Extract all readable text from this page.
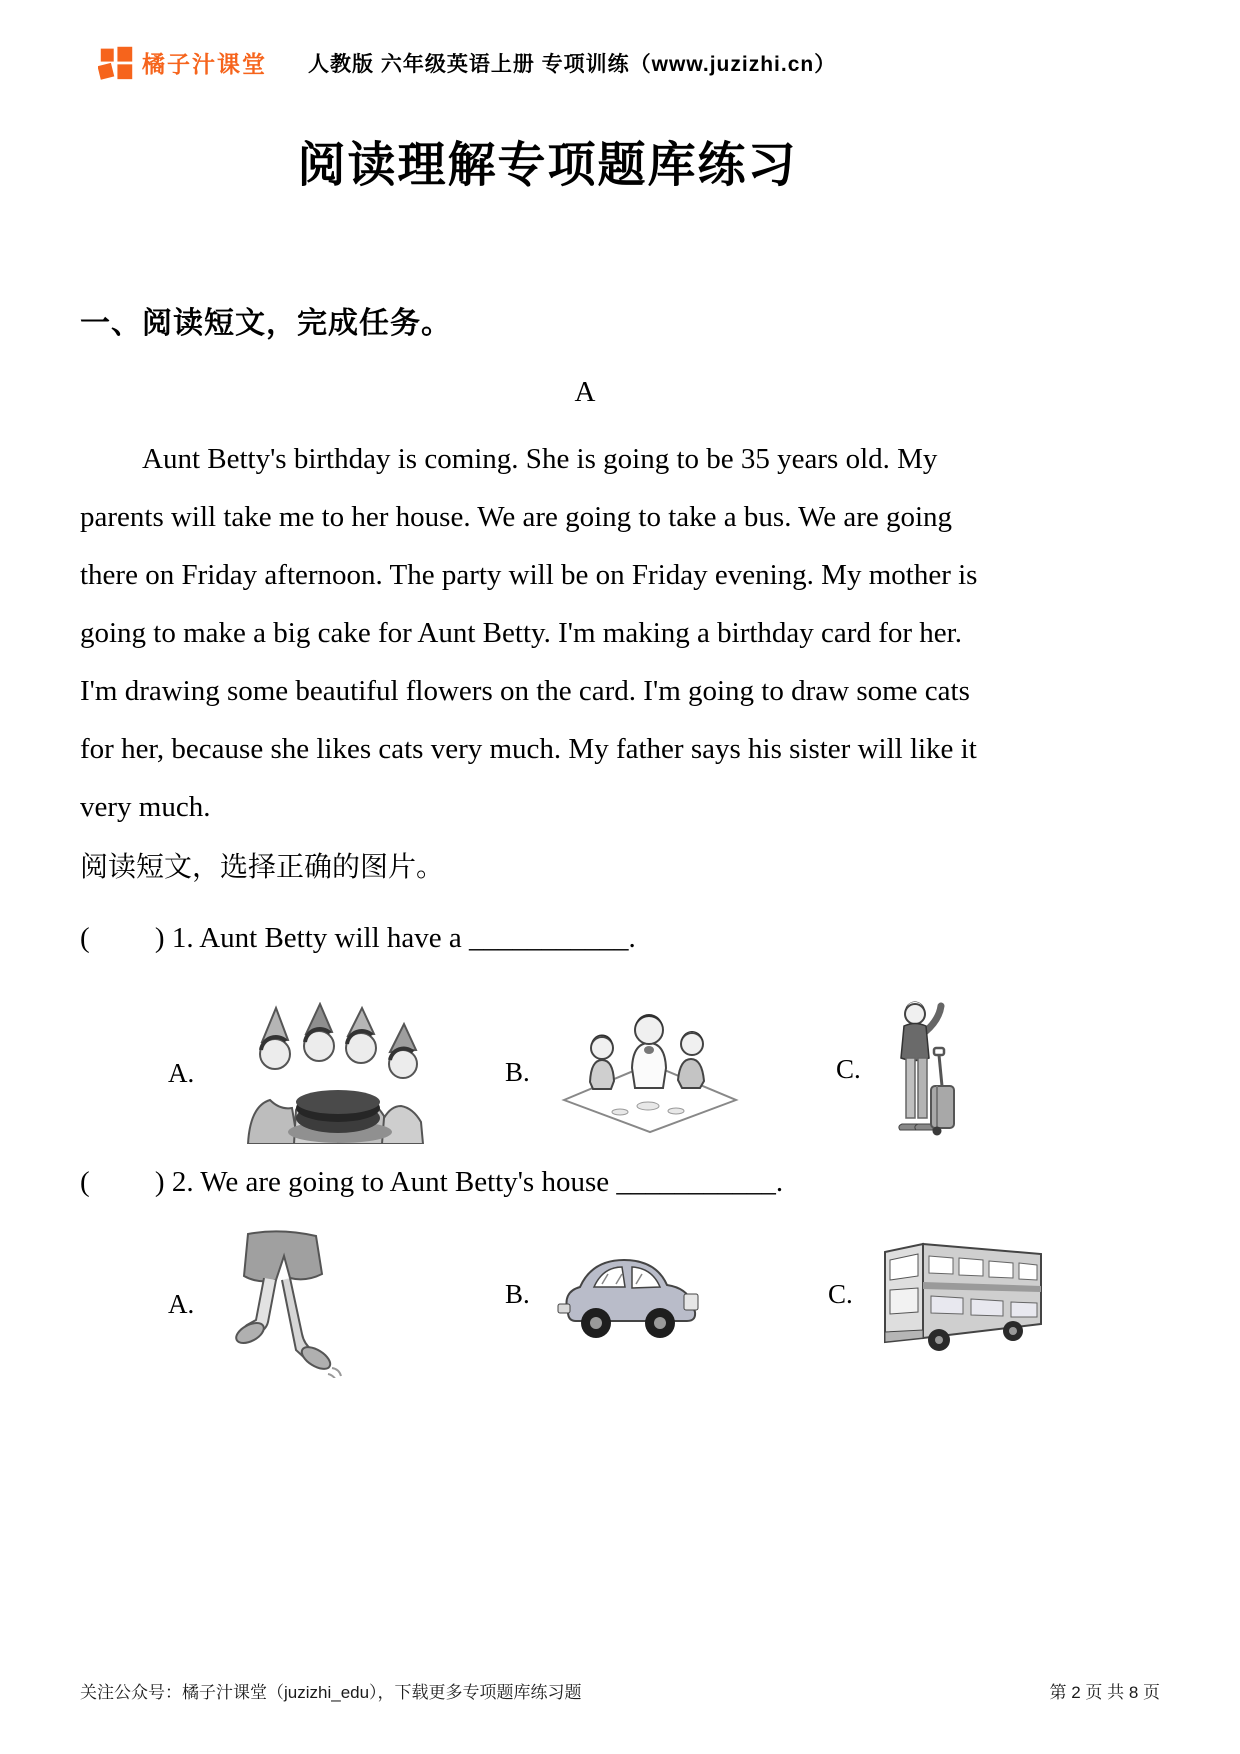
橘子汁课堂 人教版 六年级英语上册 专项训练（www.juzizhi.cn）
阅读理解专项题库练习
一、阅读短文，完成任务。
A
Aunt Betty's birthday is coming. She is going to be 35 years old. My
parents will take me to her house. We are going to take a bus. We are going
there on Friday afternoon. The party will be on Friday evening. My mother is
going to make a big cake for Aunt Betty. I'm making a birthday card for her.
I'm drawing some beautiful flowers on the card. I'm going to draw some cats
for her, because she likes cats very much. My father says his sister will like it
very much.
阅读短文，选择正确的图片。
(         ) 1. Aunt Betty will have a ___________.
A.	B.	C.
(         ) 2. We are going to Aunt Betty's house ___________.
A.	B.	C.
关注公众号：橘子汁课堂（juzizhi_edu），下载更多专项题库练习题	第 2 页 共 8 页
